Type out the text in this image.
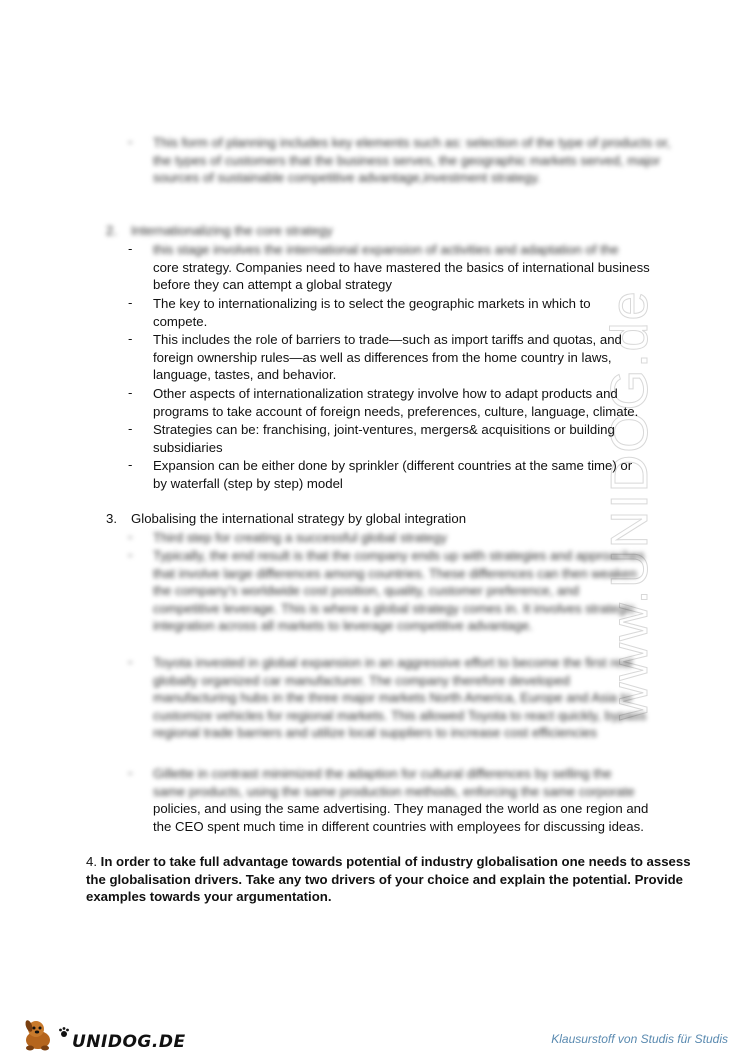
www.UNIDOG.de
- This form of planning includes key elements such as: selection of the type of products or, the types of customers that the business serves, the geographic markets served, major sources of sustainable competitive advantage,investment strategy.
2. Internationalizing the core strategy
- this stage involves the international expansion of activities and adaptation of the
core strategy. Companies need to have mastered the basics of international business
before they can attempt a global strategy
- The key to internationalizing is to select the geographic markets in which to
compete.
- This includes the role of barriers to trade—such as import tariffs and quotas, and
foreign ownership rules—as well as differences from the home country in laws,
language, tastes, and behavior.
- Other aspects of internationalization strategy involve how to adapt products and
programs to take account of foreign needs, preferences, culture, language, climate.
- Strategies can be: franchising, joint-ventures, mergers& acquisitions or building
subsidiaries
- Expansion can be either done by sprinkler (different countries at the same time) or
by waterfall (step by step) model
3. Globalising the international strategy by global integration
- Third step for creating a successful global strategy
- Typically, the end result is that the company ends up with strategies and approaches
that involve large differences among countries. These differences can then weaken
the company's worldwide cost position, quality, customer preference, and
competitive leverage. This is where a global strategy comes in. It involves strategic
integration across all markets to leverage competitive advantage.
- Toyota invested in global expansion in an aggressive effort to become the first real
globally organized car manufacturer. The company therefore developed
manufacturing hubs in the three major markets North America, Europe and Asia to
customize vehicles for regional markets. This allowed Toyota to react quickly, bypass
regional trade barriers and utilize local suppliers to increase cost efficiencies
- Gillette in contrast minimized the adaption for cultural differences by selling the
same products, using the same production methods, enforcing the same corporate
policies, and using the same advertising. They managed the world as one region and
the CEO spent much time in different countries with employees for discussing ideas.
4. In order to take full advantage towards potential of industry globalisation one needs to assess the globalisation drivers. Take any two drivers of your choice and explain the potential. Provide examples towards your argumentation.
UNIDOG.DE	Klausurstoff von Studis für Studis
